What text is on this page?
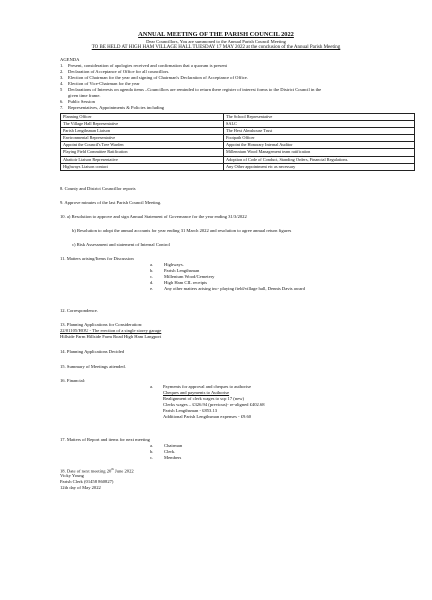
ANNUAL MEETING OF THE PARISH COUNCIL 2022
Dear Councillors, You are summoned to the Annual Parish Council Meeting
TO BE HELD AT HIGH HAM VILLAGE HALL TUESDAY 17 MAY 2022 at the conclusion of the Annual Parish Meeting
AGENDA
1. Present, consideration of apologies received and confirmation that a quorum is present
2. Declaration of Acceptance of Office for all councillors.
3. Election of Chairman for the year and signing of Chairman's Declaration of Acceptance of Office.
4. Election of Vice-Chairman for the year
5 Declarations of Interests on agenda items –Councillors are reminded to return there register of interest forms to the District Council in the
given time frame.
6. Public Session
7. Representatives, Appointments & Policies including
Planning Officer	The School Representative
The Village Hall Representative	SALC
Parish Lengthsman Liaison	The Hext Almshouse Trust
Environmental Representative	Footpath Officer
Appoint the Council's Tree Warden	Appoint the Honorary Internal Auditor
Playing Field Committee Ratification	Millennium Wood Management team ratification
Abattoir Liaison Representative	Adoption of Code of Conduct, Standing Orders, Financial Regulations.
Highways Liaison contact	Any Other appointment etc as necessary
8. County and District Councillor reports
9. Approve minutes of the last Parish Council Meeting.
10. a) Resolution to approve and sign Annual Statement of Governance for the year ending 31/3/2022
b) Resolution to adopt the annual accounts for year ending 31 March 2022 and resolution to agree annual return figures
c) Risk Assessment and statement of Internal Control
11. Matters arising/Items for Discussion
a. Highways.
b. Parish Lengthsman
c. Millenium Wood/Cemetery
d. High Ham CIL receipts
e. Any other matters arising inc- playing field/village hall, Dennis Davis award
12. Correspondence.
13. Planning Applications for Consideration:
22/01105/HOU - The erection of a single storey garage
Hillside Farm Hillside Farm Road High Ham Langport
14. Planning Applications Decided
15. Summary of Meetings attended.
16. Financial:
a. Payments for approval and cheques to authorise
Cheques and payments to Authorise
Realignment of clerk wages to scp 17 (new)
Clerks wages – £326.94 (previous)- re-aligned £402.68
Parish Lengthsman - £853.13
Additional Parish Lengthsman expenses - £9.60
17. Matters of Report and items for next meeting
a. Chairman
b. Clerk.
c. Members
18. Date of next meeting 20th June 2022
Vicky Young
Parish Clerk (01458 860827)
12th day of May 2022
